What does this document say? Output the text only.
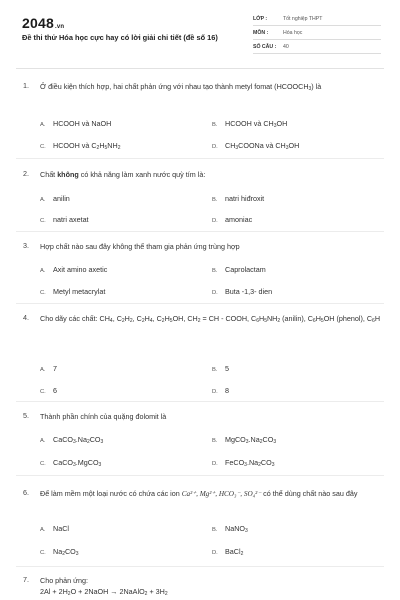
2048.vn
Đề thi thử Hóa học cực hay có lời giải chi tiết (đề số 16)
LỚP :	Tốt nghiệp THPT
MÔN :	Hóa học
SỐ CÂU : 40
1. Ở điều kiện thích hợp, hai chất phản ứng với nhau tạo thành metyl fomat $(HCOOCH_3)$ là
A. HCOOH và NaOH	B. HCOOH và $CH_3OH$
C. HCOOH và $C_2H_5NH_2$	D. $CH_3COONa$ và $CH_3OH$
2. Chất không có khả năng làm xanh nước quỳ tím là:
A. anilin	B. natri hiđroxit
C. natri axetat	D. amoniac
3. Hợp chất nào sau đây không thể tham gia phản ứng trùng hợp
A. Axit amino axetic	B. Caprolactam
C. Metyl metacrylat	D. Buta -1,3- dien
4. Cho dãy các chất: $CH_4$, $C_2H_2$, $C_2H_4$, $C_2H_5OH$, $CH_2$ = CH - COOH, $C_6H_5NH_2$ (anilin), $C_6H_5OH$ (phenol), $C_6H$
A. 7	B. 5
C. 6	D. 8
5. Thành phần chính của quặng đolomit là
A. $CaCO_3.Na_2CO_3$	B. $MgCO_3.Na_2CO_3$
C. CaCO$_3$.MgCO$_3$	D. $FeCO_3.Na_2CO_3$
6. Để làm mềm một loại nước có chứa các ion Ca²⁺, Mg²⁺, HCO₃⁻, SO₄²⁻ có thể dùng chất nào sau đây
A. NaCl	B. NaNO$_3$
C. $Na_2CO_3$	D. BaCl$_2$
7. Cho phản ứng:
$2Al + 2H_2O$ + 2NaOH → 2NaAlO$_2$ + $3H_2$
